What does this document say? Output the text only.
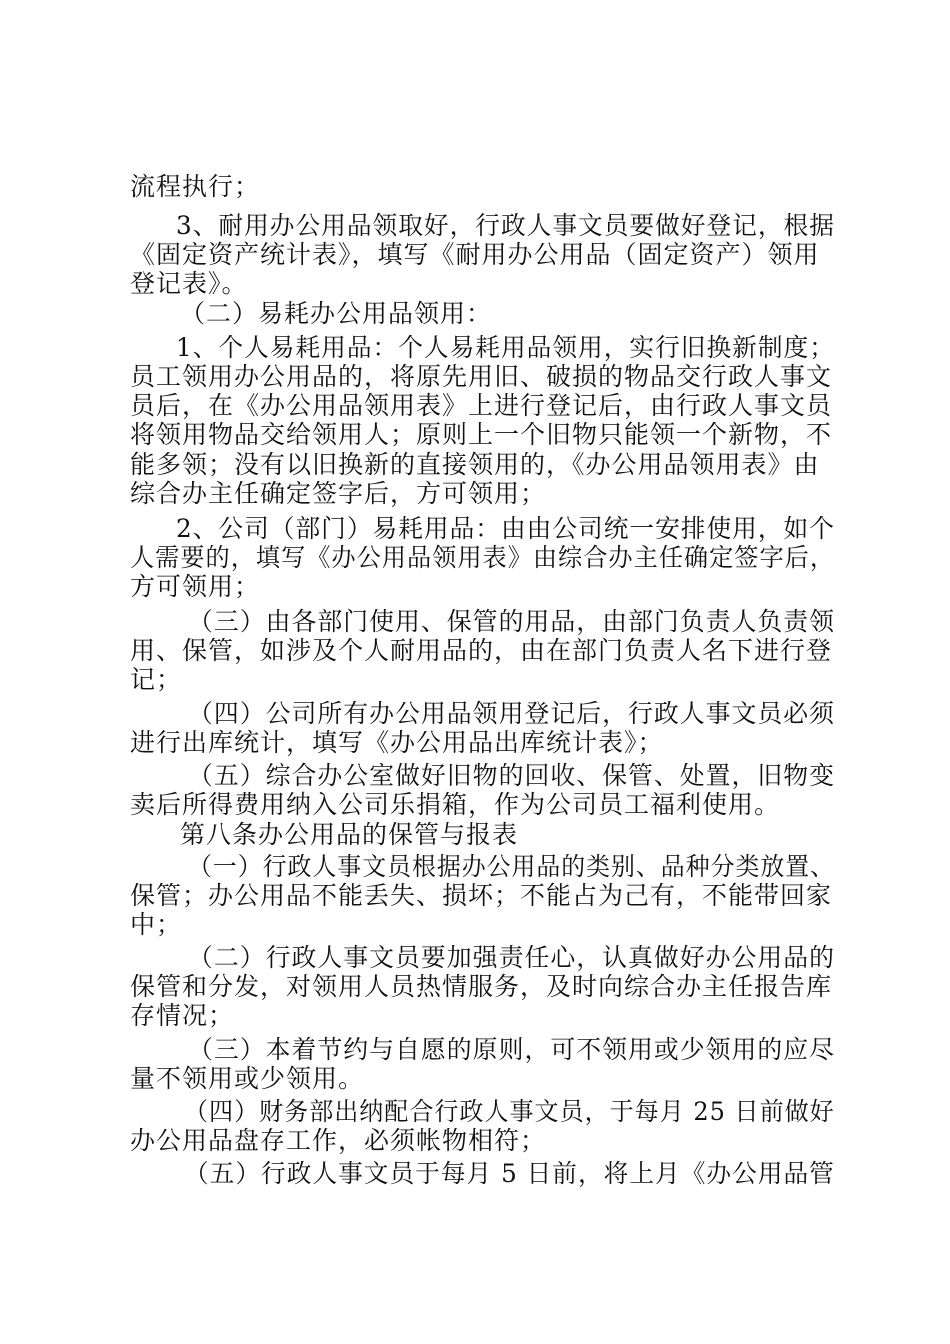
流程执行；
3、耐用办公用品领取好，行政人事文员要做好登记，根据
《固定资产统计表》，填写《耐用办公用品（固定资产）领用
登记表》。
（二）易耗办公用品领用：
1、个人易耗用品：个人易耗用品领用，实行旧换新制度；
员工领用办公用品的，将原先用旧、破损的物品交行政人事文
员后，在《办公用品领用表》上进行登记后，由行政人事文员
将领用物品交给领用人；原则上一个旧物只能领一个新物，不
能多领；没有以旧换新的直接领用的，《办公用品领用表》由
综合办主任确定签字后，方可领用；
2、公司（部门）易耗用品：由由公司统一安排使用，如个
人需要的，填写《办公用品领用表》由综合办主任确定签字后，
方可领用；
（三）由各部门使用、保管的用品，由部门负责人负责领
用、保管，如涉及个人耐用品的，由在部门负责人名下进行登
记；
（四）公司所有办公用品领用登记后，行政人事文员必须
进行出库统计，填写《办公用品出库统计表》；
（五）综合办公室做好旧物的回收、保管、处置，旧物变
卖后所得费用纳入公司乐捐箱，作为公司员工福利使用。
第八条办公用品的保管与报表
（一）行政人事文员根据办公用品的类别、品种分类放置、
保管；办公用品不能丢失、损坏；不能占为己有，不能带回家
中；
（二）行政人事文员要加强责任心，认真做好办公用品的
保管和分发，对领用人员热情服务，及时向综合办主任报告库
存情况；
（三）本着节约与自愿的原则，可不领用或少领用的应尽
量不领用或少领用。
（四）财务部出纳配合行政人事文员，于每月 25 日前做好
办公用品盘存工作，必须帐物相符；
（五）行政人事文员于每月 5 日前，将上月《办公用品管
